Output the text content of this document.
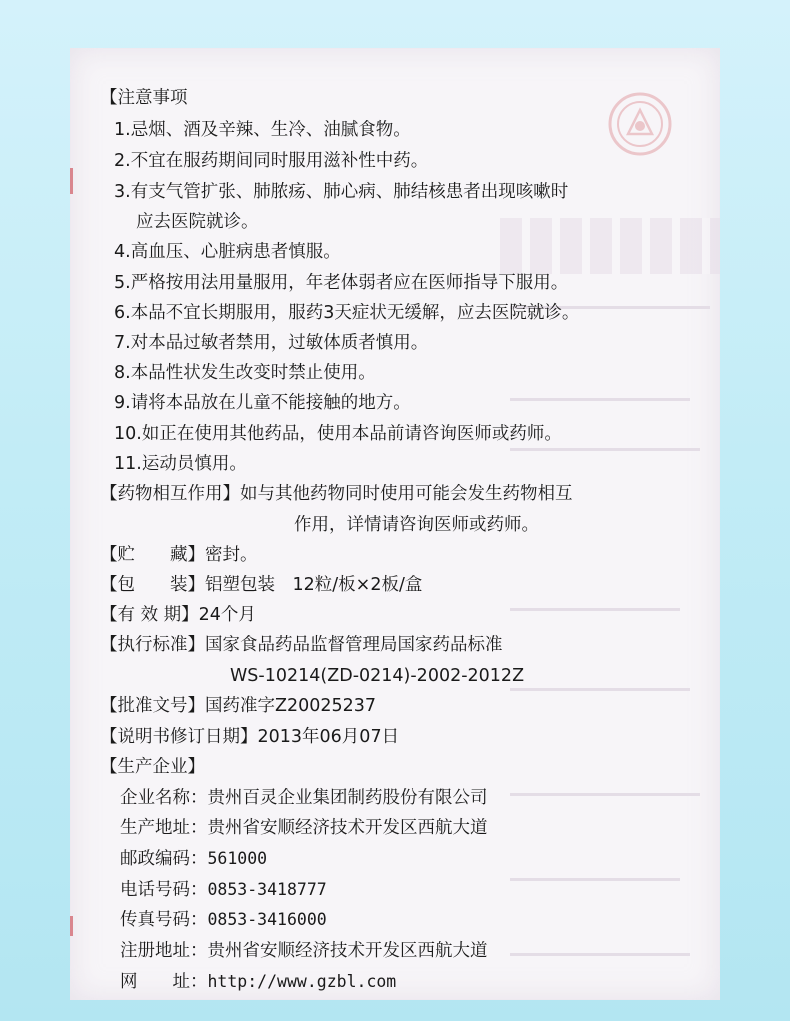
【注意事项
1.忌烟、酒及辛辣、生冷、油腻食物。
2.不宜在服药期间同时服用滋补性中药。
3.有支气管扩张、肺脓疡、肺心病、肺结核患者出现咳嗽时
应去医院就诊。
4.高血压、心脏病患者慎服。
5.严格按用法用量服用，年老体弱者应在医师指导下服用。
6.本品不宜长期服用，服药3天症状无缓解，应去医院就诊。
7.对本品过敏者禁用，过敏体质者慎用。
8.本品性状发生改变时禁止使用。
9.请将本品放在儿童不能接触的地方。
10.如正在使用其他药品，使用本品前请咨询医师或药师。
11.运动员慎用。
【药物相互作用】如与其他药物同时使用可能会发生药物相互
作用，详情请咨询医师或药师。
【贮　　藏】密封。
【包　　装】铝塑包装　12粒/板×2板/盒
【有 效 期】24个月
【执行标准】国家食品药品监督管理局国家药品标准
WS-10214(ZD-0214)-2002-2012Z
【批准文号】国药准字Z20025237
【说明书修订日期】2013年06月07日
【生产企业】
企业名称：贵州百灵企业集团制药股份有限公司
生产地址：贵州省安顺经济技术开发区西航大道
邮政编码：561000
电话号码：0853-3418777
传真号码：0853-3416000
注册地址：贵州省安顺经济技术开发区西航大道
网　　址：http://www.gzbl.com
